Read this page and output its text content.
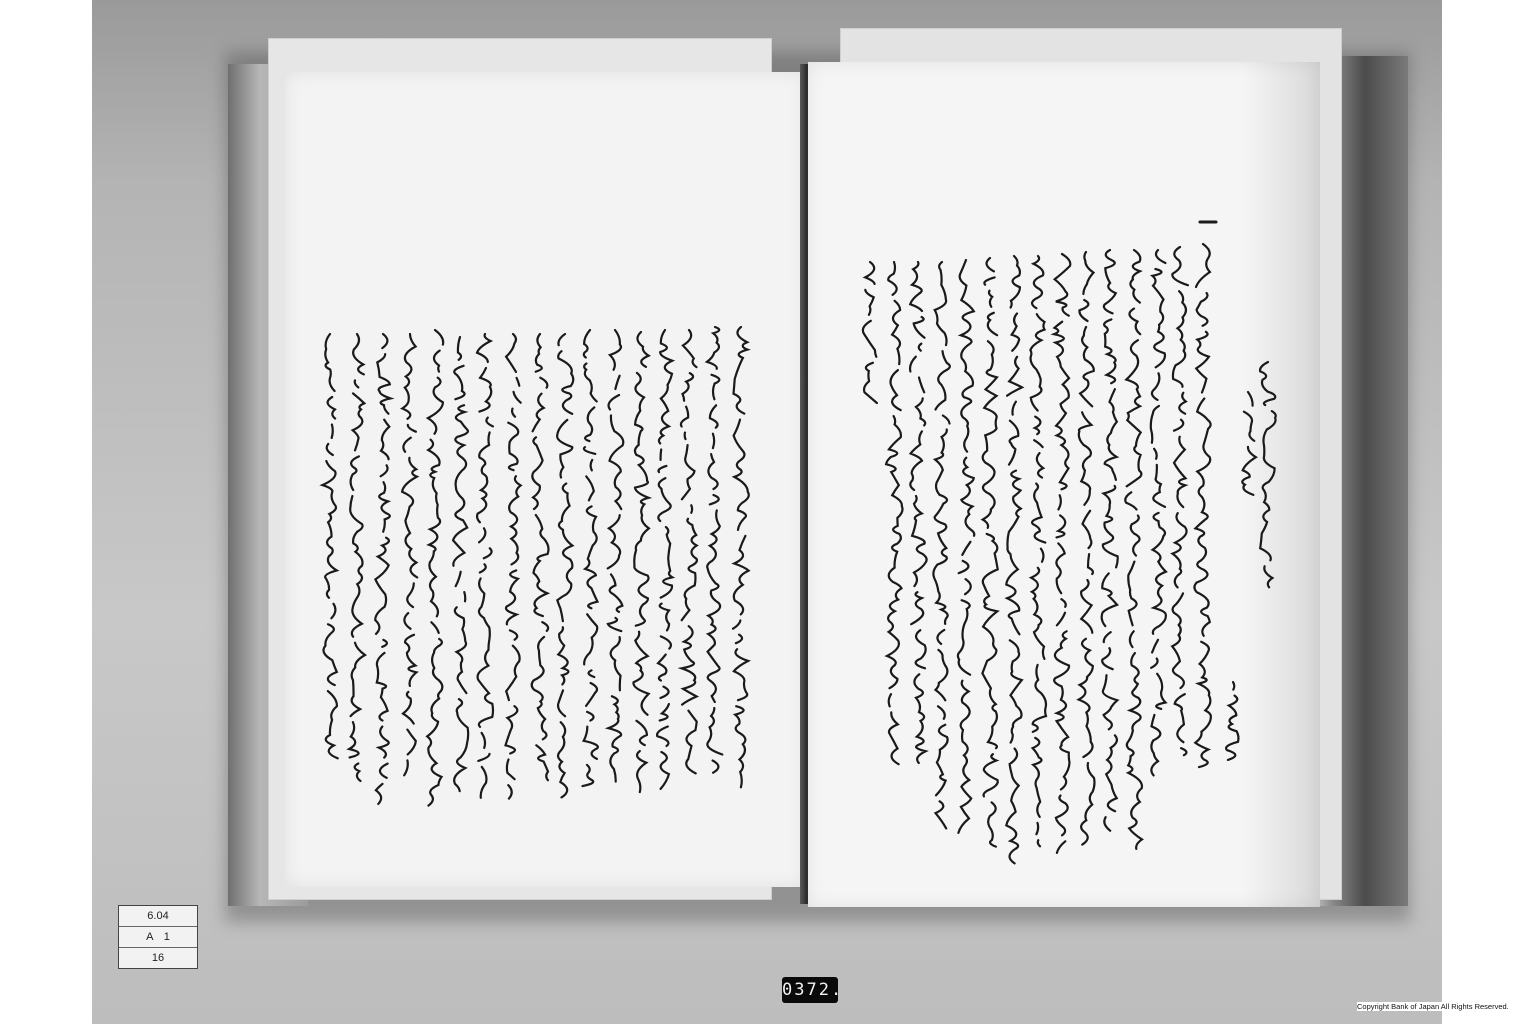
6.04
A　1
16
0372.
Copyright Bank of Japan All Rights Reserved.
